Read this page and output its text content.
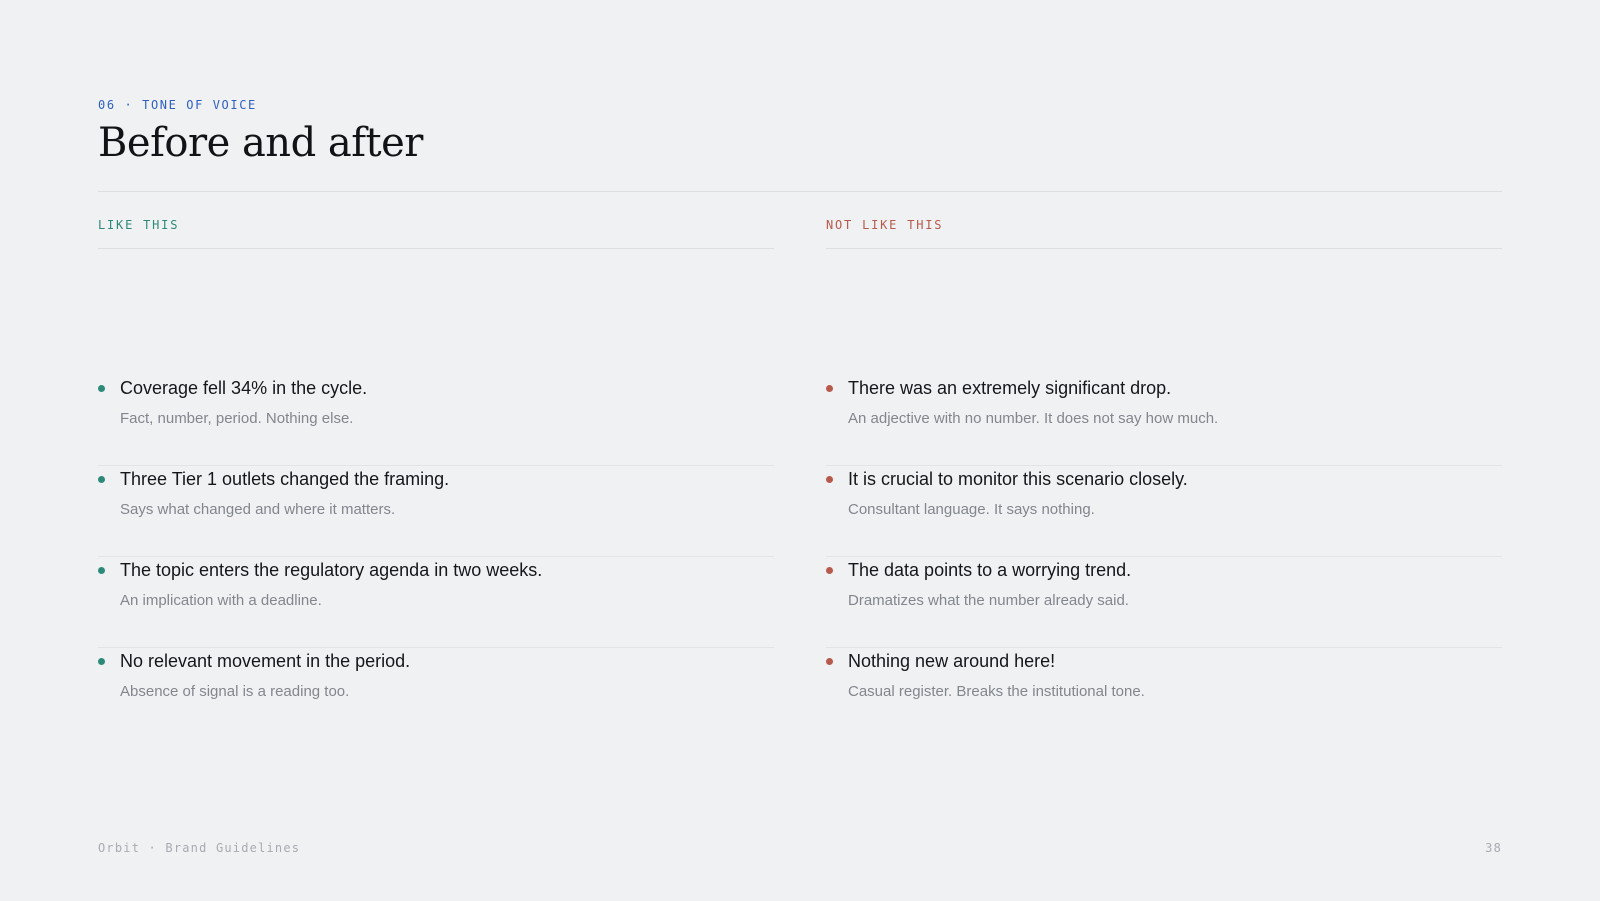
06 · TONE OF VOICE
Before and after
LIKE THIS
Coverage fell 34% in the cycle.
Fact, number, period. Nothing else.
Three Tier 1 outlets changed the framing.
Says what changed and where it matters.
The topic enters the regulatory agenda in two weeks.
An implication with a deadline.
No relevant movement in the period.
Absence of signal is a reading too.
NOT LIKE THIS
There was an extremely significant drop.
An adjective with no number. It does not say how much.
It is crucial to monitor this scenario closely.
Consultant language. It says nothing.
The data points to a worrying trend.
Dramatizes what the number already said.
Nothing new around here!
Casual register. Breaks the institutional tone.
Orbit · Brand Guidelines	38
